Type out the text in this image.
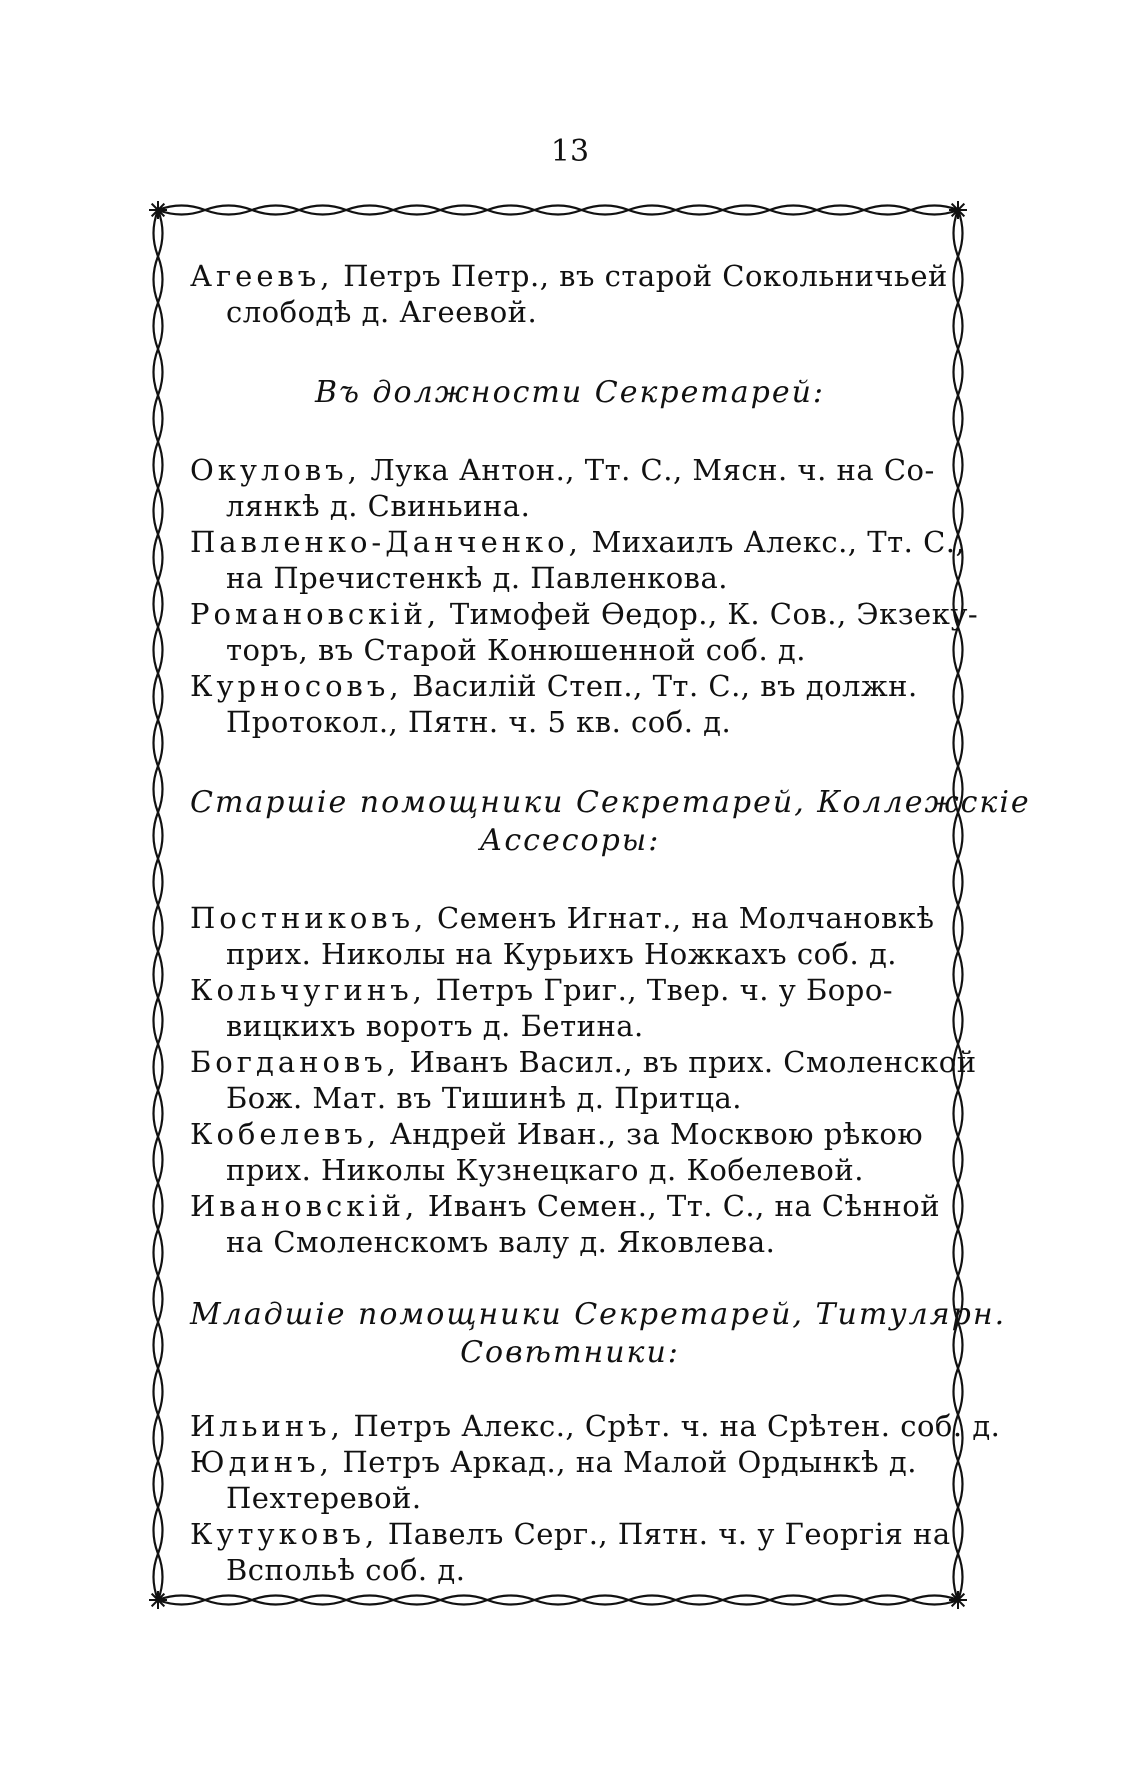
13
Агеевъ, Петръ Петр., въ старой Сокольничьей
слободѣ д. Агеевой.
Въ должности Секретарей:
Окуловъ, Лука Антон., Тт. С., Мясн. ч. на Со-
лянкѣ д. Свиньина.
Павленко-Данченко, Михаилъ Алекс., Тт. С.,
на Пречистенкѣ д. Павленкова.
Романовскій, Тимофей Ѳедор., К. Сов., Экзеку-
торъ, въ Старой Конюшенной соб. д.
Курносовъ, Василій Степ., Тт. С., въ должн.
Протокол., Пятн. ч. 5 кв. соб. д.
Старшіе помощники Секретарей, Коллежскіе
Ассесоры:
Постниковъ, Семенъ Игнат., на Молчановкѣ
прих. Николы на Курьихъ Ножкахъ соб. д.
Кольчугинъ, Петръ Григ., Твер. ч. у Боро-
вицкихъ воротъ д. Бетина.
Богдановъ, Иванъ Васил., въ прих. Смоленской
Бож. Мат. въ Тишинѣ д. Притца.
Кобелевъ, Андрей Иван., за Москвою рѣкою
прих. Николы Кузнецкаго д. Кобелевой.
Ивановскій, Иванъ Семен., Тт. С., на Сѣнной
на Смоленскомъ валу д. Яковлева.
Младшіе помощники Секретарей, Титулярн.
Совѣтники:
Ильинъ, Петръ Алекс., Срѣт. ч. на Срѣтен. соб. д.
Юдинъ, Петръ Аркад., на Малой Ордынкѣ д.
Пехтеревой.
Кутуковъ, Павелъ Серг., Пятн. ч. у Георгія на
Вспольѣ соб. д.
